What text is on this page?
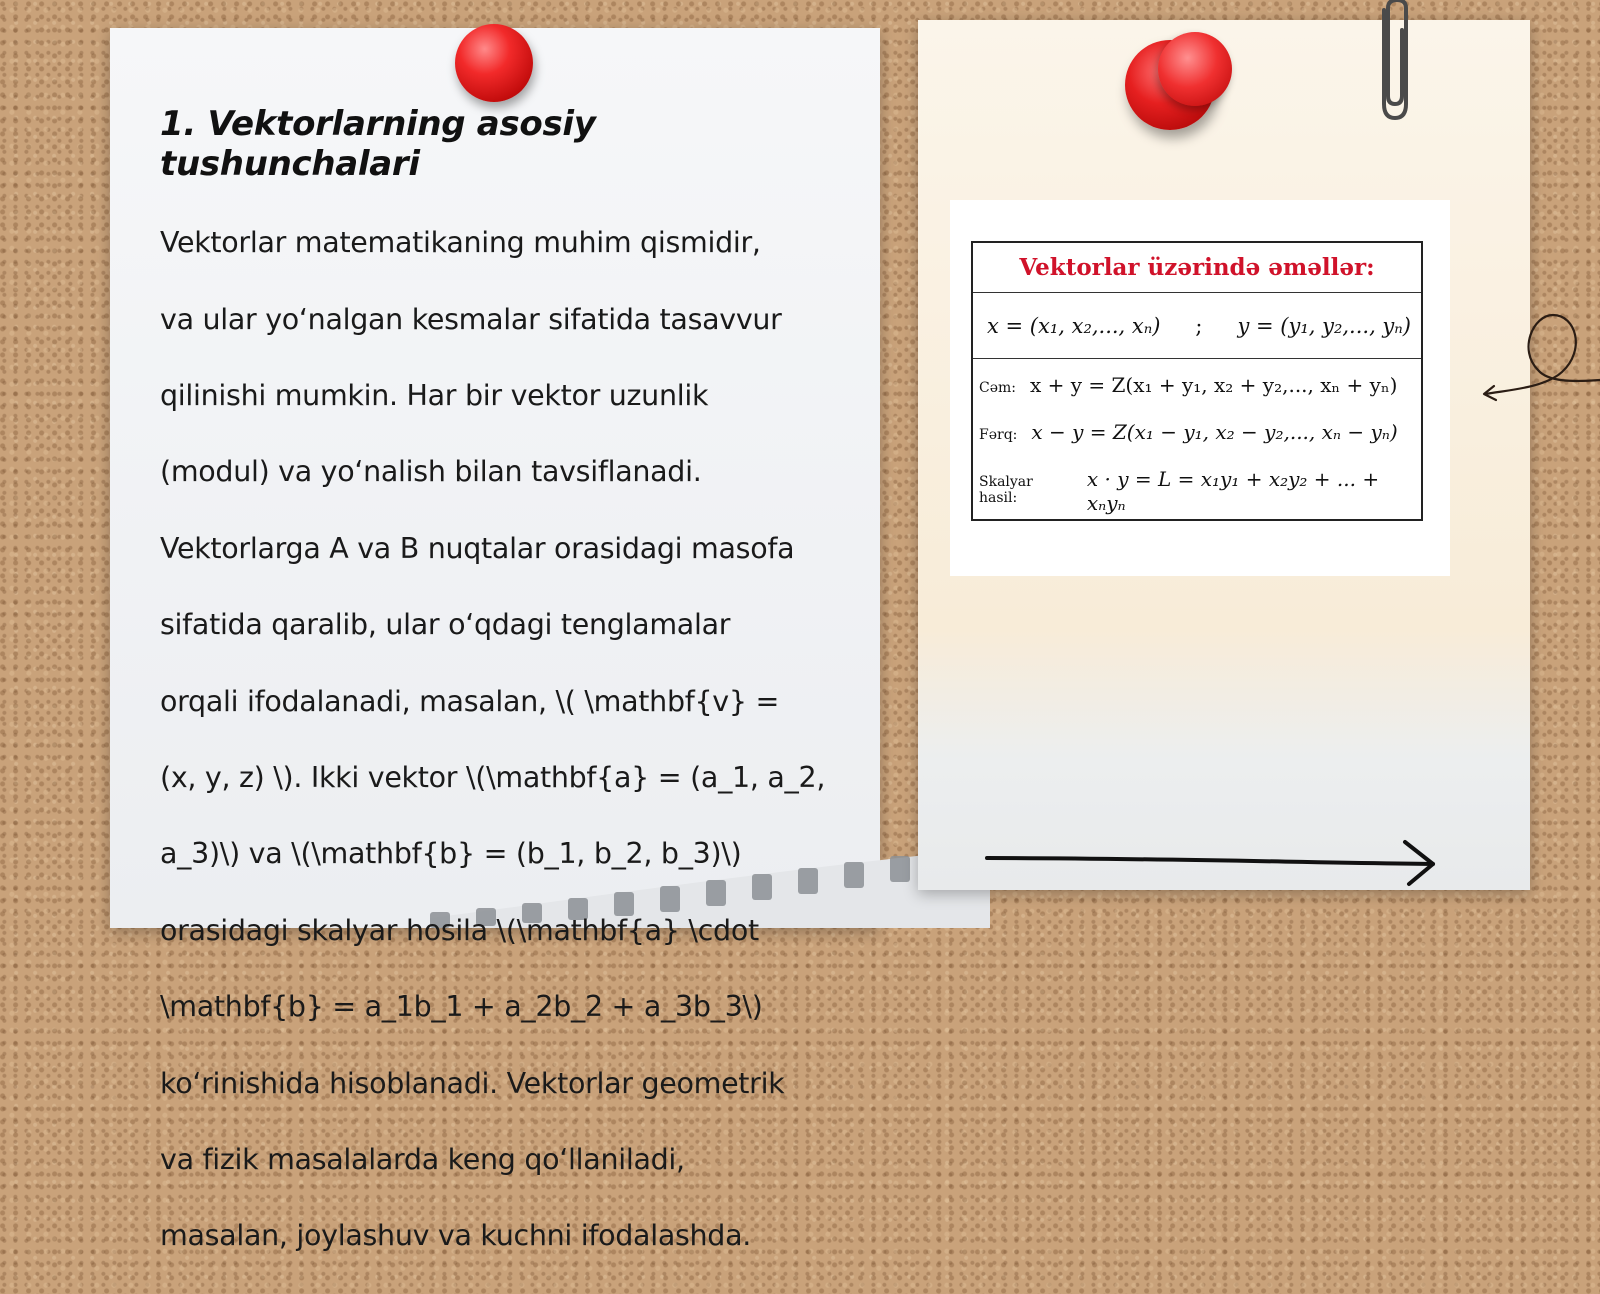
1. Vektorlarning asosiy tushunchalari

Vektorlar matematikaning muhim qismidir,

va ular yo‘nalgan kesmalar sifatida tasavvur

qilinishi mumkin. Har bir vektor uzunlik

(modul) va yo‘nalish bilan tavsiflanadi.

Vektorlarga A va B nuqtalar orasidagi masofa

sifatida qaralib, ular o‘qdagi tenglamalar

orqali ifodalanadi, masalan, \( \mathbf{v} =

(x, y, z) \). Ikki vektor \(\mathbf{a} = (a_1, a_2,

a_3)\) va \(\mathbf{b} = (b_1, b_2, b_3)\)

orasidagi skalyar hosila \(\mathbf{a} \cdot

\mathbf{b} = a_1b_1 + a_2b_2 + a_3b_3\)

ko‘rinishida hisoblanadi. Vektorlar geometrik

va fizik masalalarda keng qo‘llaniladi,

masalan, joylashuv va kuchni ifodalashda.

Vektorlar üzərində əməllər:
x = (x₁, x₂,..., xₙ) ; y = (y₁, y₂,..., yₙ)
Cəm: x + y = Z(x₁ + y₁, x₂ + y₂,..., xₙ + yₙ)
Fərq: x − y = Z(x₁ − y₁, x₂ − y₂,..., xₙ − yₙ)
Skalyar hasil:
x · y = L = x₁y₁ + x₂y₂ + ... + xₙyₙ
